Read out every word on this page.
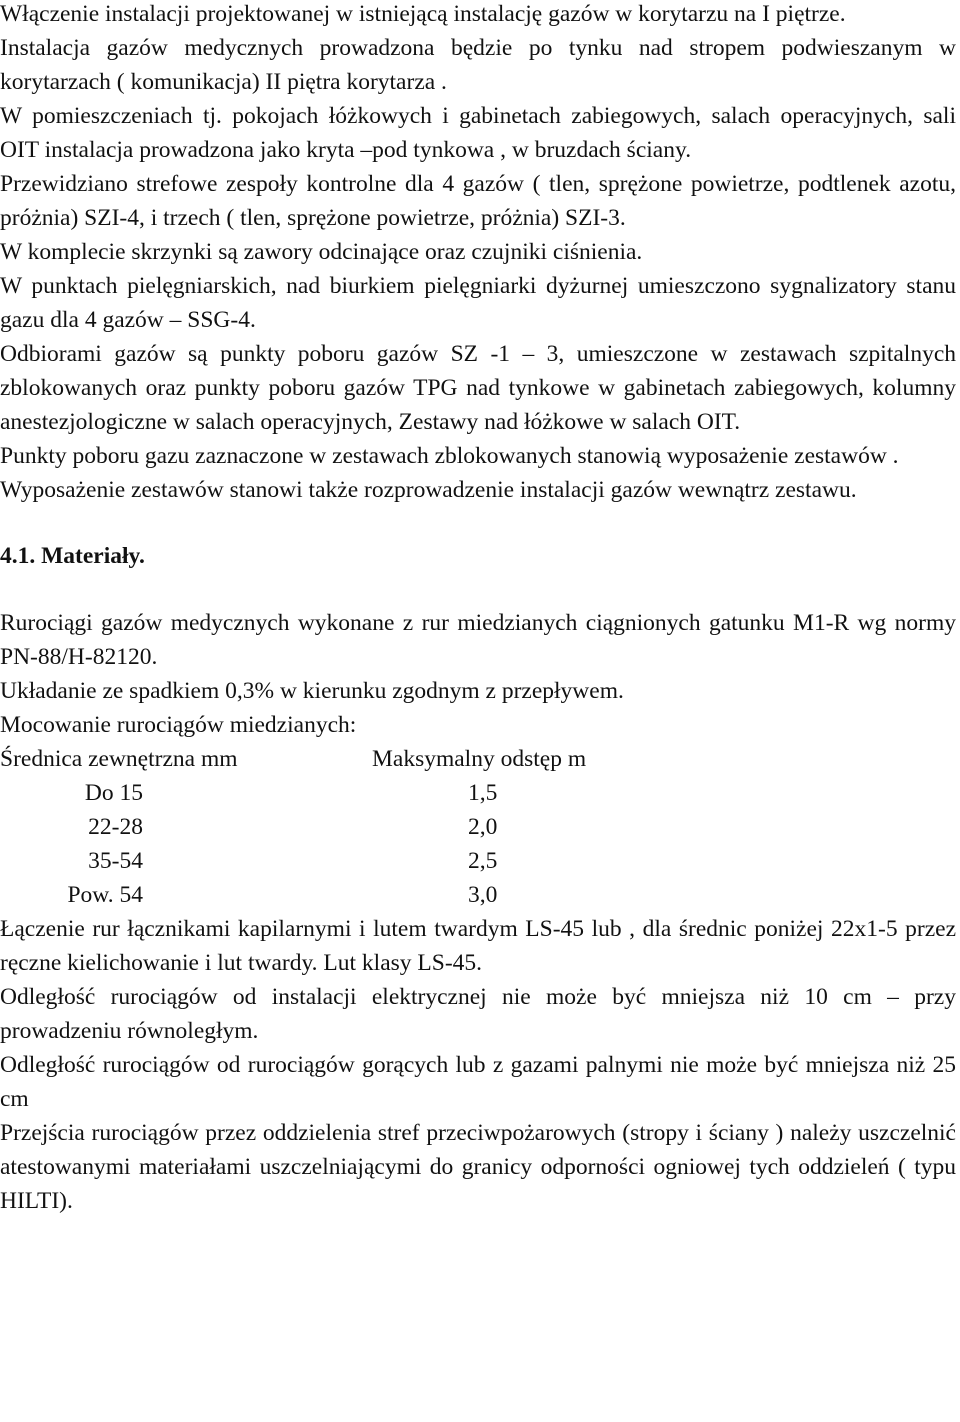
Włączenie instalacji projektowanej w istniejącą instalację gazów w korytarzu na I piętrze.

Instalacja gazów medycznych prowadzona będzie po tynku nad stropem podwieszanym w korytarzach ( komunikacja) II piętra korytarza .

W pomieszczeniach tj. pokojach łóżkowych i gabinetach zabiegowych, salach operacyjnych, sali OIT instalacja prowadzona jako kryta –pod tynkowa , w bruzdach ściany.

Przewidziano strefowe zespoły kontrolne dla 4 gazów ( tlen, sprężone powietrze, podtlenek azotu, próżnia) SZI-4, i trzech ( tlen, sprężone powietrze, próżnia) SZI-3.

W komplecie skrzynki są zawory odcinające oraz czujniki ciśnienia.

W punktach pielęgniarskich, nad biurkiem pielęgniarki dyżurnej umieszczono sygnalizatory stanu gazu dla 4 gazów – SSG-4.

Odbiorami gazów są punkty poboru gazów SZ -1 – 3, umieszczone w zestawach szpitalnych zblokowanych oraz punkty poboru gazów TPG nad tynkowe w gabinetach zabiegowych, kolumny anestezjologiczne w salach operacyjnych, Zestawy nad łóżkowe w salach OIT.

Punkty poboru gazu zaznaczone w zestawach zblokowanych stanowią wyposażenie zestawów .

Wyposażenie zestawów stanowi także rozprowadzenie instalacji gazów wewnątrz zestawu.

4.1. Materiały.

Rurociągi gazów medycznych wykonane z rur miedzianych ciągnionych gatunku M1-R wg normy PN-88/H-82120.

Układanie ze spadkiem 0,3% w kierunku zgodnym z przepływem.

Mocowanie rurociągów miedzianych:

Średnica zewnętrzna mm	Maksymalny odstęp m
Do 15	1,5
22-28	2,0
35-54	2,5
Pow. 54	3,0

Łączenie rur łącznikami kapilarnymi i lutem twardym LS-45 lub , dla średnic poniżej 22x1-5 przez ręczne kielichowanie i lut twardy. Lut klasy LS-45.

Odległość rurociągów od instalacji elektrycznej nie może być mniejsza niż 10 cm – przy prowadzeniu równoległym.

Odległość rurociągów od rurociągów gorących lub z gazami palnymi nie może być mniejsza niż 25 cm

Przejścia rurociągów przez oddzielenia stref przeciwpożarowych (stropy i ściany ) należy uszczelnić atestowanymi materiałami uszczelniającymi do granicy odporności ogniowej tych oddzieleń ( typu HILTI).
